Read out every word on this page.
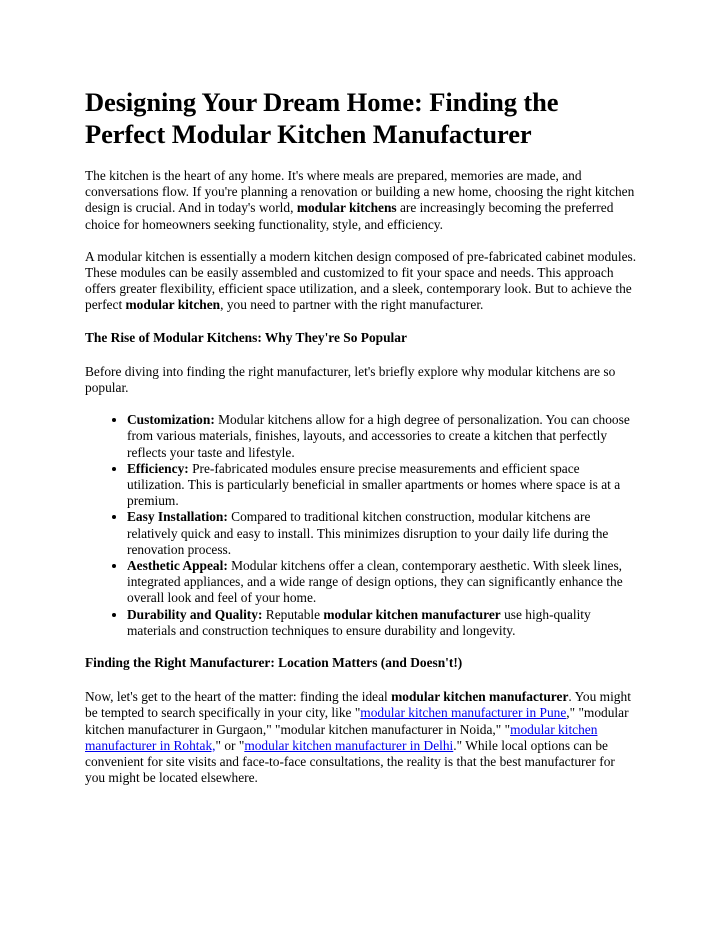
Designing Your Dream Home: Finding the Perfect Modular Kitchen Manufacturer

The kitchen is the heart of any home. It's where meals are prepared, memories are made, and conversations flow. If you're planning a renovation or building a new home, choosing the right kitchen design is crucial. And in today's world, modular kitchens are increasingly becoming the preferred choice for homeowners seeking functionality, style, and efficiency.

A modular kitchen is essentially a modern kitchen design composed of pre-fabricated cabinet modules. These modules can be easily assembled and customized to fit your space and needs. This approach offers greater flexibility, efficient space utilization, and a sleek, contemporary look. But to achieve the perfect modular kitchen, you need to partner with the right manufacturer.

The Rise of Modular Kitchens: Why They're So Popular

Before diving into finding the right manufacturer, let's briefly explore why modular kitchens are so popular.

• Customization: Modular kitchens allow for a high degree of personalization. You can choose from various materials, finishes, layouts, and accessories to create a kitchen that perfectly reflects your taste and lifestyle.
• Efficiency: Pre-fabricated modules ensure precise measurements and efficient space utilization. This is particularly beneficial in smaller apartments or homes where space is at a premium.
• Easy Installation: Compared to traditional kitchen construction, modular kitchens are relatively quick and easy to install. This minimizes disruption to your daily life during the renovation process.
• Aesthetic Appeal: Modular kitchens offer a clean, contemporary aesthetic. With sleek lines, integrated appliances, and a wide range of design options, they can significantly enhance the overall look and feel of your home.
• Durability and Quality: Reputable modular kitchen manufacturer use high-quality materials and construction techniques to ensure durability and longevity.
Finding the Right Manufacturer: Location Matters (and Doesn't!)

Now, let's get to the heart of the matter: finding the ideal modular kitchen manufacturer. You might be tempted to search specifically in your city, like "modular kitchen manufacturer in Pune," "modular kitchen manufacturer in Gurgaon," "modular kitchen manufacturer in Noida," "modular kitchen manufacturer in Rohtak," or "modular kitchen manufacturer in Delhi." While local options can be convenient for site visits and face-to-face consultations, the reality is that the best manufacturer for you might be located elsewhere.
